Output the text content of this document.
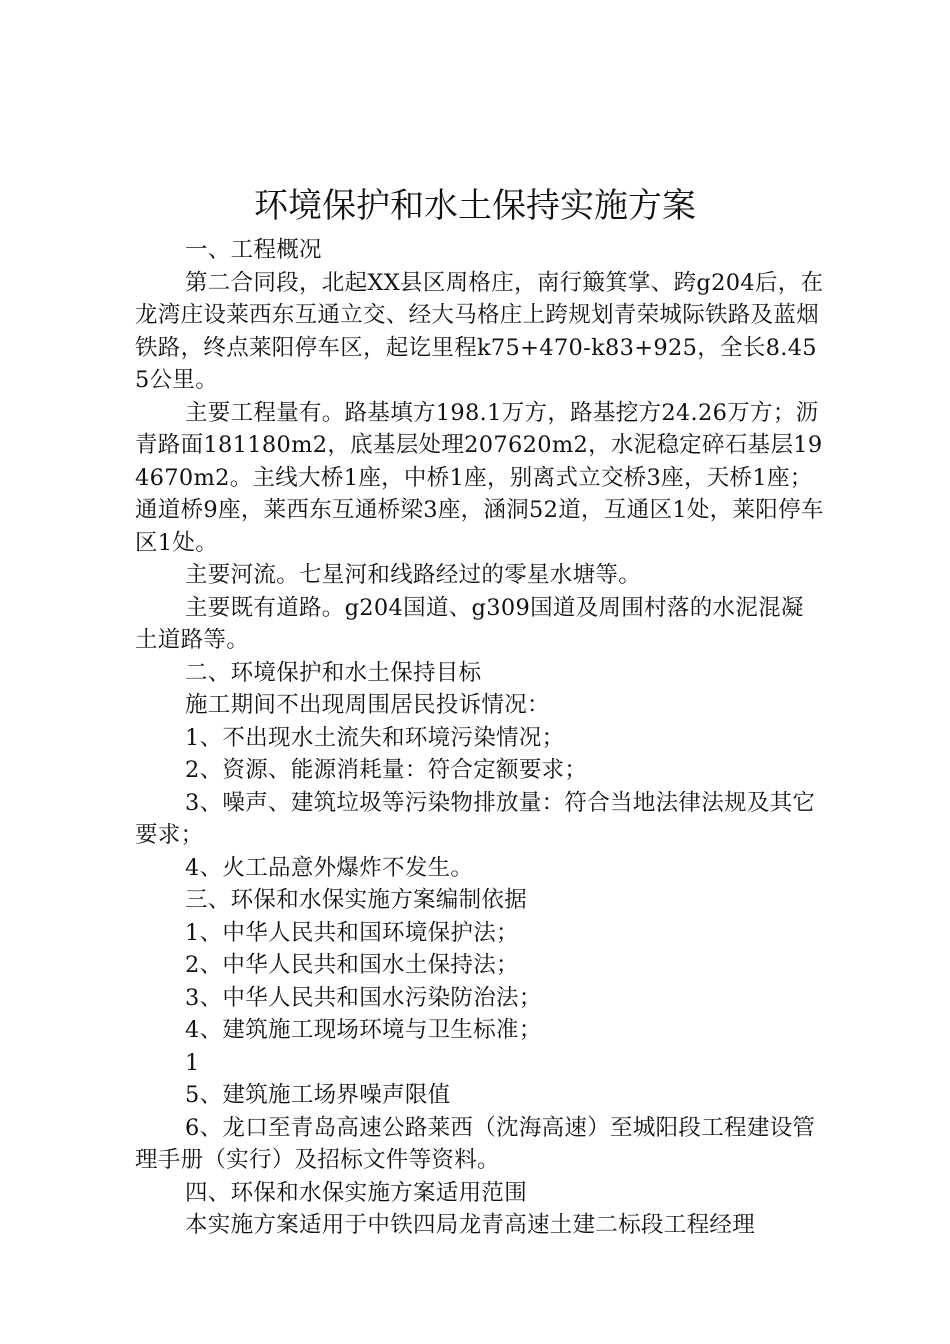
环境保护和水土保持实施方案

一、工程概况

第二合同段，北起XX县区周格庄，南行簸箕掌、跨g204后，在龙湾庄设莱西东互通立交、经大马格庄上跨规划青荣城际铁路及蓝烟铁路，终点莱阳停车区，起讫里程k75+470-k83+925，全长8.455公里。

主要工程量有。路基填方198.1万方，路基挖方24.26万方；沥青路面181180m2，底基层处理207620m2，水泥稳定碎石基层194670m2。主线大桥1座，中桥1座，别离式立交桥3座，天桥1座；通道桥9座，莱西东互通桥梁3座，涵洞52道，互通区1处，莱阳停车区1处。

主要河流。七星河和线路经过的零星水塘等。

主要既有道路。g204国道、g309国道及周围村落的水泥混凝土道路等。

二、环境保护和水土保持目标

施工期间不出现周围居民投诉情况：

1、不出现水土流失和环境污染情况；

2、资源、能源消耗量：符合定额要求；

3、噪声、建筑垃圾等污染物排放量：符合当地法律法规及其它要求；

4、火工品意外爆炸不发生。

三、环保和水保实施方案编制依据

1、中华人民共和国环境保护法；

2、中华人民共和国水土保持法；

3、中华人民共和国水污染防治法；

4、建筑施工现场环境与卫生标准；

1

5、建筑施工场界噪声限值

6、龙口至青岛高速公路莱西（沈海高速）至城阳段工程建设管理手册（实行）及招标文件等资料。

四、环保和水保实施方案适用范围

本实施方案适用于中铁四局龙青高速土建二标段工程经理
